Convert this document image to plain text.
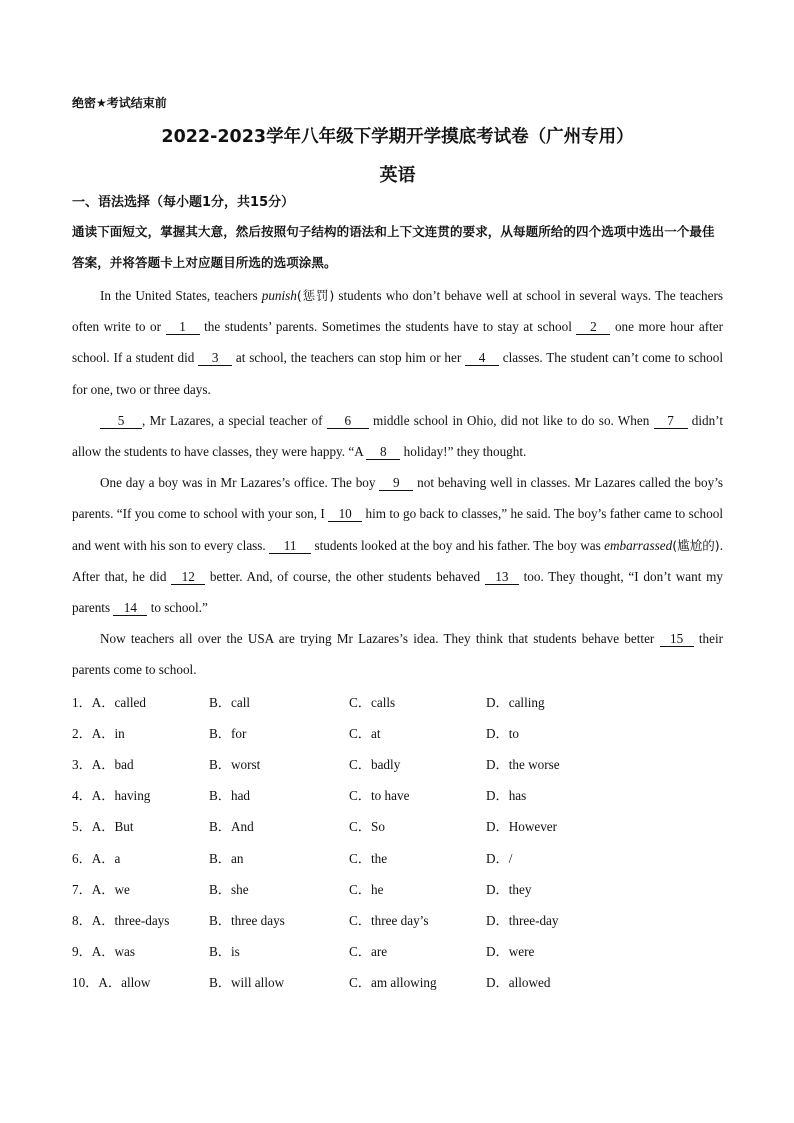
绝密★考试结束前
2022-2023学年八年级下学期开学摸底考试卷（广州专用）
英语
一、语法选择（每小题1分，共15分）
通读下面短文，掌握其大意，然后按照句子结构的语法和上下文连贯的要求，从每题所给的四个选项中选出一个最佳答案，并将答题卡上对应题目所选的选项涂黑。

In the United States, teachers punish(惩罚) students who don’t behave well at school in several ways. The teachers often write to or 1 the students’ parents. Sometimes the students have to stay at school 2 one more hour after school. If a student did 3 at school, the teachers can stop him or her 4 classes. The student can’t come to school for one, two or three days.

5 , Mr Lazares, a special teacher of 6 middle school in Ohio, did not like to do so. When 7 didn’t allow the students to have classes, they were happy. “A 8 holiday!” they thought.

One day a boy was in Mr Lazares’s office. The boy 9 not behaving well in classes. Mr Lazares called the boy’s parents. “If you come to school with your son, I 10 him to go back to classes,” he said. The boy’s father came to school and went with his son to every class. 11 students looked at the boy and his father. The boy was embarrassed(尴尬的). After that, he did 12 better. And, of course, the other students behaved 13 too. They thought, “I don’t want my parents 14 to school.”

Now teachers all over the USA are trying Mr Lazares’s idea. They think that students behave better 15 their parents come to school.

1．A．called	B．call	C．calls	D．calling
2．A．in	B．for	C．at	D．to
3．A．bad	B．worst	C．badly	D．the worse
4．A．having	B．had	C．to have	D．has
5．A．But	B．And	C．So	D．However
6．A．a	B．an	C．the	D．/
7．A．we	B．she	C．he	D．they
8．A．three-days	B．three days	C．three day’s	D．three-day
9．A．was	B．is	C．are	D．were
10．A．allow	B．will allow	C．am allowing	D．allowed
